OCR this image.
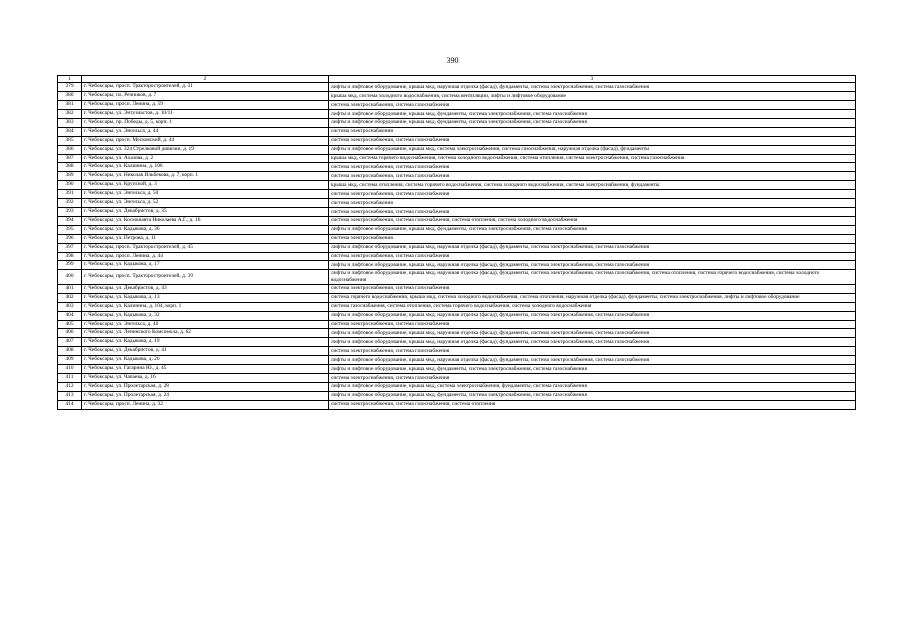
390
1	2	3
379	г. Чебоксары, просп. Тракторостроителей, д. 31	лифты и лифтовое оборудование, крыша мкд, наружная отделка (фасад), фундаменты, система электроснабжения, система газоснабжения
380	г. Чебоксары, пл. Речников, д. 7	крыша мкд, система холодного водоснабжения, система вентиляции, лифты и лифтовое оборудование
381	г. Чебоксары, просп. Ленина, д. 59	система электроснабжения, система газоснабжения
382	г. Чебоксары, ул. Энтузиастов, д. 10/11	лифты и лифтовое оборудование, крыша мкд, фундаменты, система электроснабжения, система газоснабжения
383	г. Чебоксары, пр. Победы, д. 5, корп. 1	лифты и лифтовое оборудование, крыша мкд, фундаменты, система электроснабжения, система газоснабжения
384	г. Чебоксары, ул. Энгельса, д. 44	система электроснабжения
385	г. Чебоксары, просп. Московский, д. 44	система электроснабжения, система газоснабжения
386	г. Чебоксары, ул. 324 Стрелковой дивизии, д. 19	лифты и лифтовое оборудование, крыша мкд, система электроснабжения, система газоснабжения, наружная отделка (фасад), фундаменты
387	г. Чебоксары, ул. Ахазова, д. 2	крыша мкд, система горячего водоснабжения, система холодного водоснабжения, система отопления, система электроснабжения, система газоснабжения
388	г. Чебоксары, ул. Калинина, д. 106	система электроснабжения, система газоснабжения
389	г. Чебоксары, ул. Николая Ильбекова, д. 7, корп. 1	система электроснабжения, система газоснабжения
390	г. Чебоксары, ул. Крупской, д. 3	крыша мкд, система отопления, система горячего водоснабжения, система холодного водоснабжения, система электроснабжения, фундаменты
391	г. Чебоксары, ул. Энгельса, д. 50	система электроснабжения, система газоснабжения
392	г. Чебоксары, ул. Энгельса, д. 52	система электроснабжения
393	г. Чебоксары, ул. Декабристов, д. 35	система электроснабжения, система газоснабжения
394	г. Чебоксары, ул. Космонавта Николаева А.Г., д. 16	система электроснабжения, система газоснабжения, система отопления, система холодного водоснабжения
395	г. Чебоксары, ул. Кадыкова, д. 36	лифты и лифтовое оборудование, крыша мкд, фундаменты, система электроснабжения, система газоснабжения
396	г. Чебоксары, ул. Петрова, д. 11	система электроснабжения
397	г. Чебоксары, просп. Тракторостроителей, д. 45	лифты и лифтовое оборудование, крыша мкд, наружная отделка (фасад), фундаменты, система электроснабжения, система газоснабжения
398	г. Чебоксары, просп. Ленина, д. 44	система электроснабжения, система газоснабжения
399	г. Чебоксары, ул. Кадыкова, д. 17	лифты и лифтовое оборудование, крыша мкд, наружная отделка (фасад), фундаменты, система электроснабжения, система газоснабжения
400	г. Чебоксары, просп. Тракторостроителей, д. 39	лифты и лифтовое оборудование, крыша мкд, наружная отделка (фасад), фундаменты, система электроснабжения, система газоснабжения, система отопления, система горячего водоснабжения, система холодного водоснабжения
401	г. Чебоксары, ул. Декабристов, д. 43	система электроснабжения, система газоснабжения
402	г. Чебоксары, ул. Кадыкова, д. 13	система горячего водоснабжения, крыша мкд, система холодного водоснабжения, система отопления, наружная отделка (фасад), фундаменты, система электроснабжения, лифты и лифтовое оборудование
403	г. Чебоксары, ул. Калинина, д. 104, корп. 1	система газоснабжения, система отопления, система горячего водоснабжения, система холодного водоснабжения
404	г. Чебоксары, ул. Кадыкова, д. 32	лифты и лифтовое оборудование, крыша мкд, наружная отделка (фасад), фундаменты, система электроснабжения, система газоснабжения
405	г. Чебоксары, ул. Энгельса, д. 46	система электроснабжения, система газоснабжения
406	г. Чебоксары, ул. Ленинского Комсомола, д. 62	лифты и лифтовое оборудование, крыша мкд, наружная отделка (фасад), фундаменты, система электроснабжения, система газоснабжения
407	г. Чебоксары, ул. Кадыкова, д. 19	лифты и лифтовое оборудование, крыша мкд, наружная отделка (фасад), фундаменты, система электроснабжения, система газоснабжения
408	г. Чебоксары, ул. Декабристов, д. 41	система электроснабжения, система газоснабжения
409	г. Чебоксары, ул. Кадыкова, д. 26	лифты и лифтовое оборудование, крыша мкд, наружная отделка (фасад), фундаменты, система электроснабжения, система газоснабжения
410	г. Чебоксары, ул. Гагарина Ю., д. 45	лифты и лифтовое оборудование, крыша мкд, фундаменты, система электроснабжения, система газоснабжения
411	г. Чебоксары, ул. Чапаева, д. 16	система электроснабжения, система газоснабжения
412	г. Чебоксары, ул. Пролетарская, д. 28	лифты и лифтовое оборудование, крыша мкд, система электроснабжения, фундаменты, система газоснабжения
413	г. Чебоксары, ул. Пролетарская, д. 24	лифты и лифтовое оборудование, крыша мкд, фундаменты, система электроснабжения, система газоснабжения
414	г. Чебоксары, просп. Ленина, д. 32	система электроснабжения, система газоснабжения, система отопления
